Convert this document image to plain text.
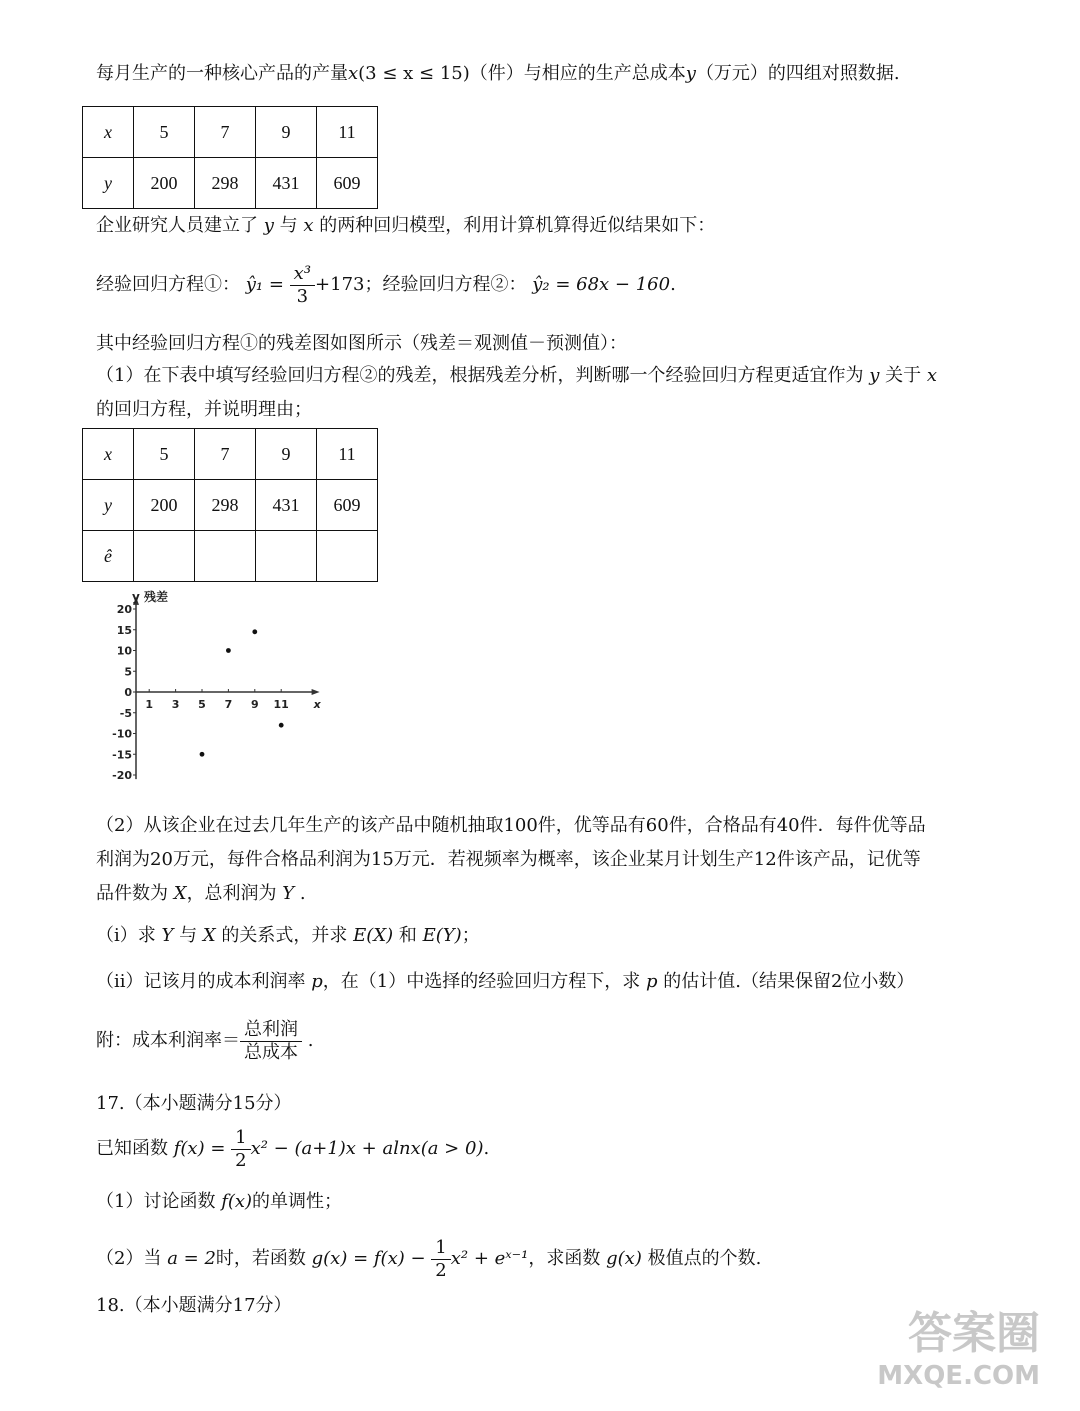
每月生产的一种核心产品的产量x(3 ≤ x ≤ 15)（件）与相应的生产总成本y（万元）的四组对照数据.
x	5	7	9	11
y	200	298	431	609
企业研究人员建立了 y 与 x 的两种回归模型，利用计算机算得近似结果如下：
经验回归方程①： ŷ₁ = $\frac{\text{x³}}{3} +173$；经验回归方程②： ŷ₂ = 68x − 160.
其中经验回归方程①的残差图如图所示（残差＝观测值－预测值）：
（1）在下表中填写经验回归方程②的残差，根据残差分析，判断哪一个经验回归方程更适宜作为 y 关于 x
的回归方程，并说明理由；
x	5	7	9	11
y	200	298	431	609
ê				
20
15
10
5
0
-5
-10
-15
-20
1 3 5 7 9 11
y 残差
x
（2）从该企业在过去几年生产的该产品中随机抽取100件，优等品有60件，合格品有40件．每件优等品
利润为20万元，每件合格品利润为15万元．若视频率为概率，该企业某月计划生产12件该产品，记优等
品件数为 X，总利润为 Y .
（ⅰ）求 Y 与 X 的关系式，并求 E(X) 和 E(Y)；
（ⅱ）记该月的成本利润率 p，在（1）中选择的经验回归方程下，求 p 的估计值.（结果保留2位小数）
附：成本利润率＝ $\frac{\text{总利润}}{\text{总成本}}$ .
17.（本小题满分15分）
已知函数 $f(x) = \frac{1}{2} x^2 - (a+1)x + alnx(a > 0)$.
（1）讨论函数 f(x)的单调性；
（2）当 a = 2时，若函数 $g(x) = f(x) - \frac{1}{2} x^2$ + eˣ⁻¹，求函数 g(x) 极值点的个数.
18.（本小题满分17分）
答案圈
MXQE.COM
